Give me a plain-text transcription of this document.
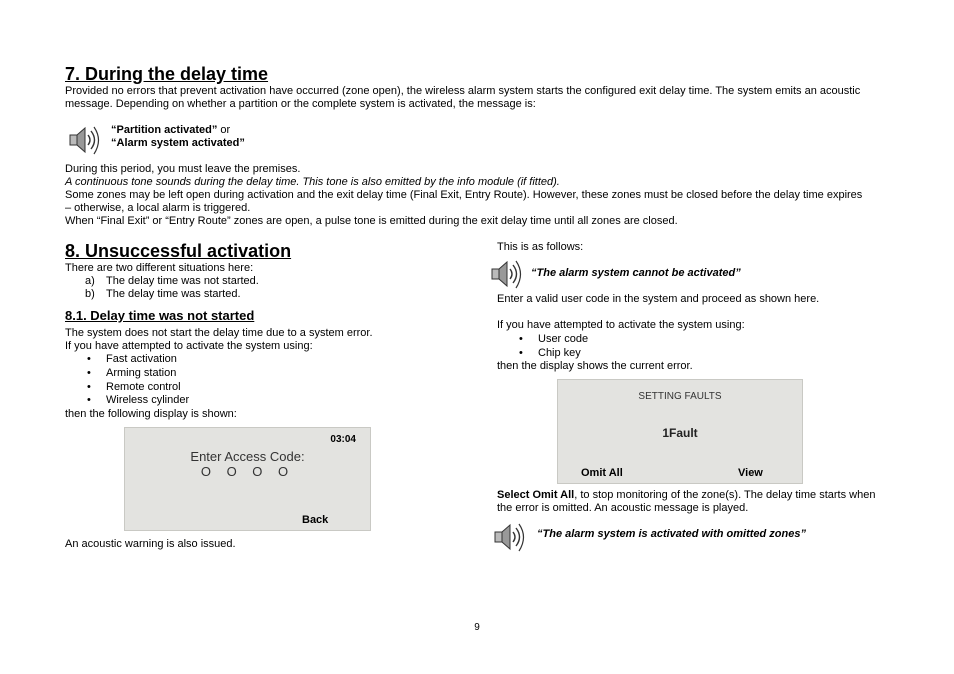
7. During the delay time
Provided no errors that prevent activation have occurred (zone open), the wireless alarm system starts the configured exit delay time. The system emits an acoustic
message. Depending on whether a partition or the complete system is activated, the message is:
“Partition activated” or
“Alarm system activated”
During this period, you must leave the premises.
A continuous tone sounds during the delay time. This tone is also emitted by the info module (if fitted).
Some zones may be left open during activation and the exit delay time (Final Exit, Entry Route). However, these zones must be closed before the delay time expires
– otherwise, a local alarm is triggered.
When “Final Exit” or “Entry Route” zones are open, a pulse tone is emitted during the exit delay time until all zones are closed.
8. Unsuccessful activation
There are two different situations here:
a) The delay time was not started.
b) The delay time was started.
8.1. Delay time was not started
The system does not start the delay time due to a system error.
If you have attempted to activate the system using:
• Fast activation
• Arming station
• Remote control
• Wireless cylinder
then the following display is shown:
03:04
Enter Access Code:
O O O O
Back
An acoustic warning is also issued.
This is as follows:
“The alarm system cannot be activated”
Enter a valid user code in the system and proceed as shown here.
If you have attempted to activate the system using:
• User code
• Chip key
then the display shows the current error.
SETTING FAULTS
1Fault
Omit All	View
Select Omit All, to stop monitoring of the zone(s). The delay time starts when
the error is omitted. An acoustic message is played.
“The alarm system is activated with omitted zones”
9
